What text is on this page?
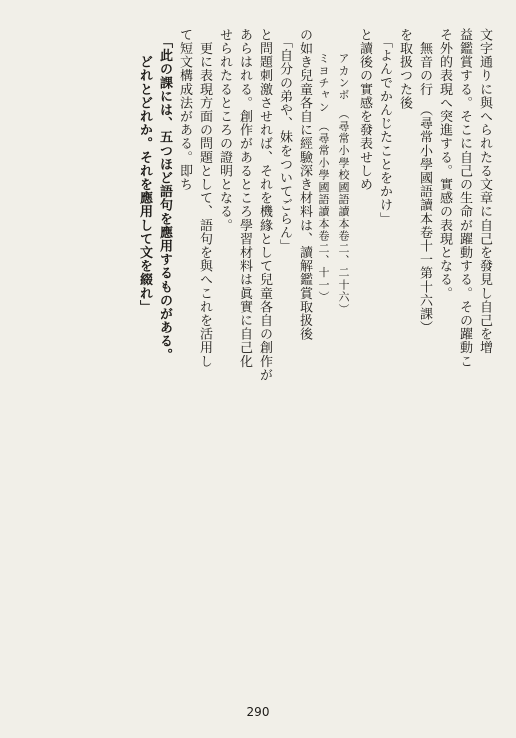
文字通りに與へられたる文章に自己を發見し自己を增
益鑑賞する。そこに自己の生命が躍動する。その躍動こ
そ外的表現へ突進する。實感の表現となる。
　無音の行　（尋常小學國語讀本卷十一第十六課）
を取扱つた後
　「よんでかんじたことをかけ」
と讀後の實感を發表せしめ
　　アカンボ　（尋常小學校國語讀本卷二、二十六）
　　ミヨチャン　（尋常小學國語讀本卷二、十一）
の如き兒童各自に經驗深き材料は、讀解鑑賞取扱後
　「自分の弟や、妹をついてごらん」
と問題刺激させれば、それを機緣として兒童各自の創作が
あらはれる。創作があるところ學習材料は眞實に自己化
せられたるところの證明となる。
　更に表現方面の問題として、語句を與へこれを活用し
て短文構成法がある。即ち
　「此の課には、五つほど語句を應用するものがある。
　　どれとどれか。それを應用して文を綴れ」
290
